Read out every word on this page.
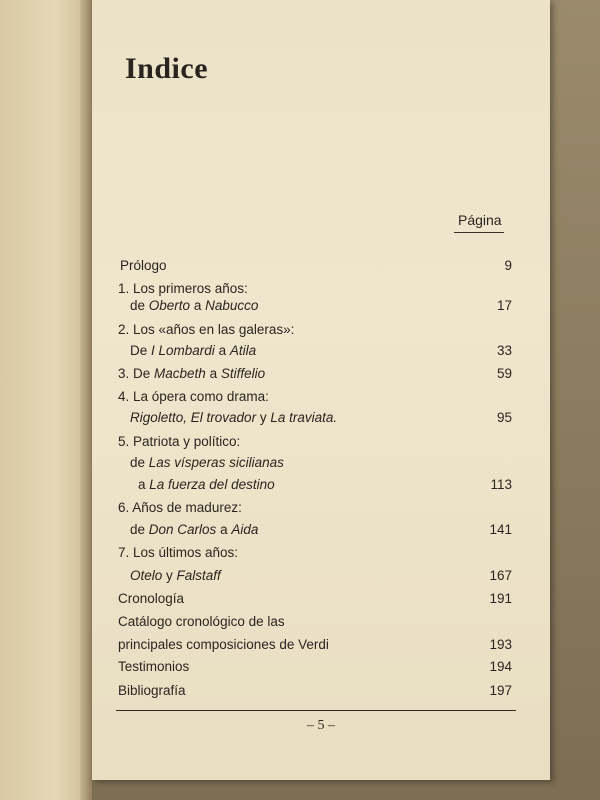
Indice
Página
Prólogo	9
1. Los primeros años:
de Oberto a Nabucco	17
2. Los «años en las galeras»:
De I Lombardi a Atila	33
3. De Macbeth a Stiffelio	59
4. La ópera como drama:
Rigoletto, El trovador y La traviata.	95
5. Patriota y político:
de Las vísperas sicilianas
a La fuerza del destino	113
6. Años de madurez:
de Don Carlos a Aida	141
7. Los últimos años:
Otelo y Falstaff	167
Cronología	191
Catálogo cronológico de las
principales composiciones de Verdi	193
Testimonios	194
Bibliografía	197
– 5 –
